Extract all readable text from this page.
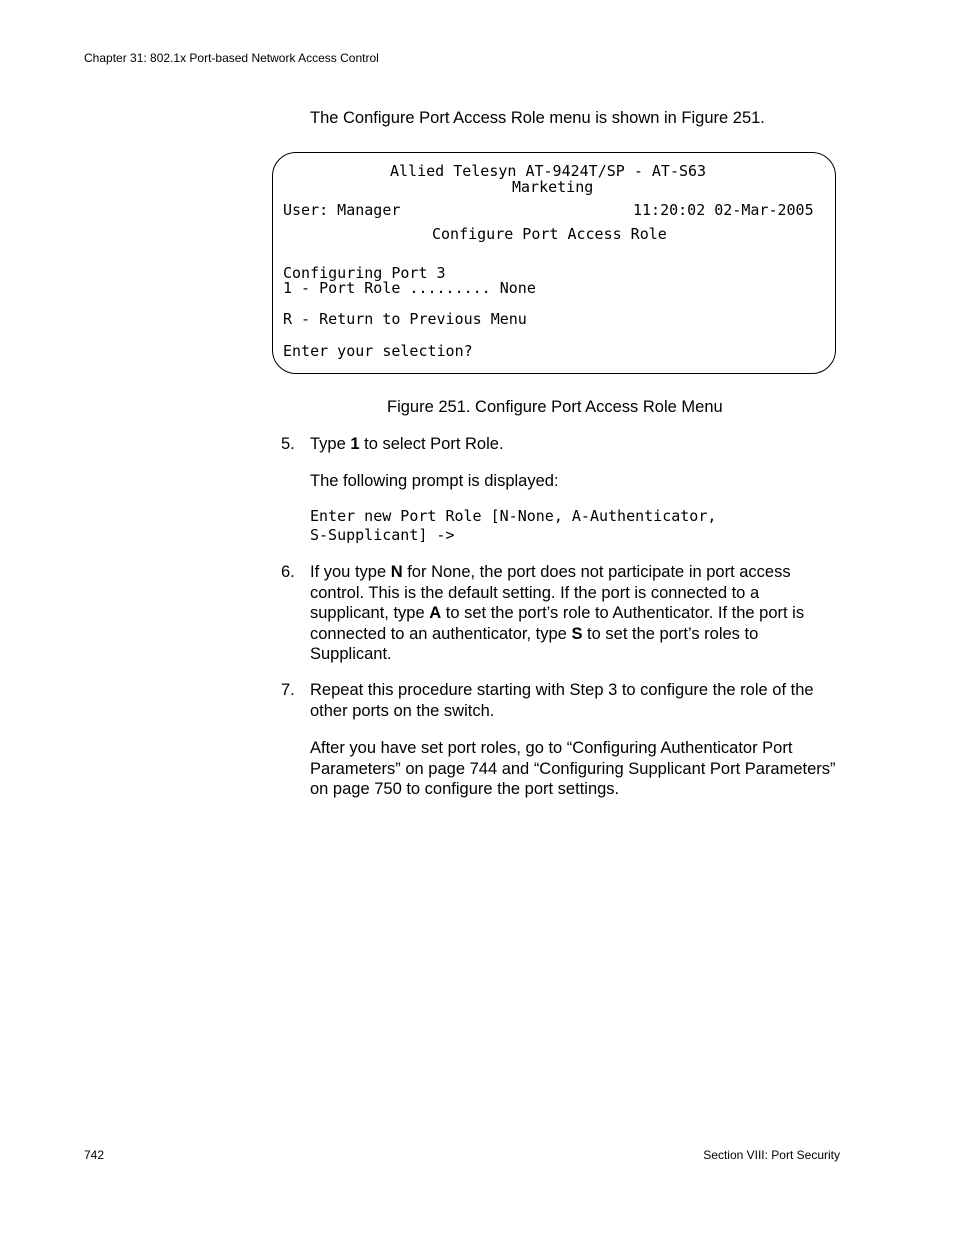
Chapter 31: 802.1x Port-based Network Access Control
The Configure Port Access Role menu is shown in Figure 251.
Allied Telesyn AT-9424T/SP - AT-S63
Marketing
User: Manager	11:20:02 02-Mar-2005
Configure Port Access Role
Configuring Port 3
1 - Port Role ......... None
R - Return to Previous Menu
Enter your selection?
Figure 251. Configure Port Access Role Menu
5. Type 1 to select Port Role.
The following prompt is displayed:
Enter new Port Role [N-None, A-Authenticator,
S-Supplicant] ->
6. If you type N for None, the port does not participate in port access control. This is the default setting. If the port is connected to a supplicant, type A to set the port’s role to Authenticator. If the port is connected to an authenticator, type S to set the port’s roles to Supplicant.
7. Repeat this procedure starting with Step 3 to configure the role of the other ports on the switch.
After you have set port roles, go to “Configuring Authenticator Port Parameters” on page 744 and “Configuring Supplicant Port Parameters” on page 750 to configure the port settings.
742	Section VIII: Port Security
